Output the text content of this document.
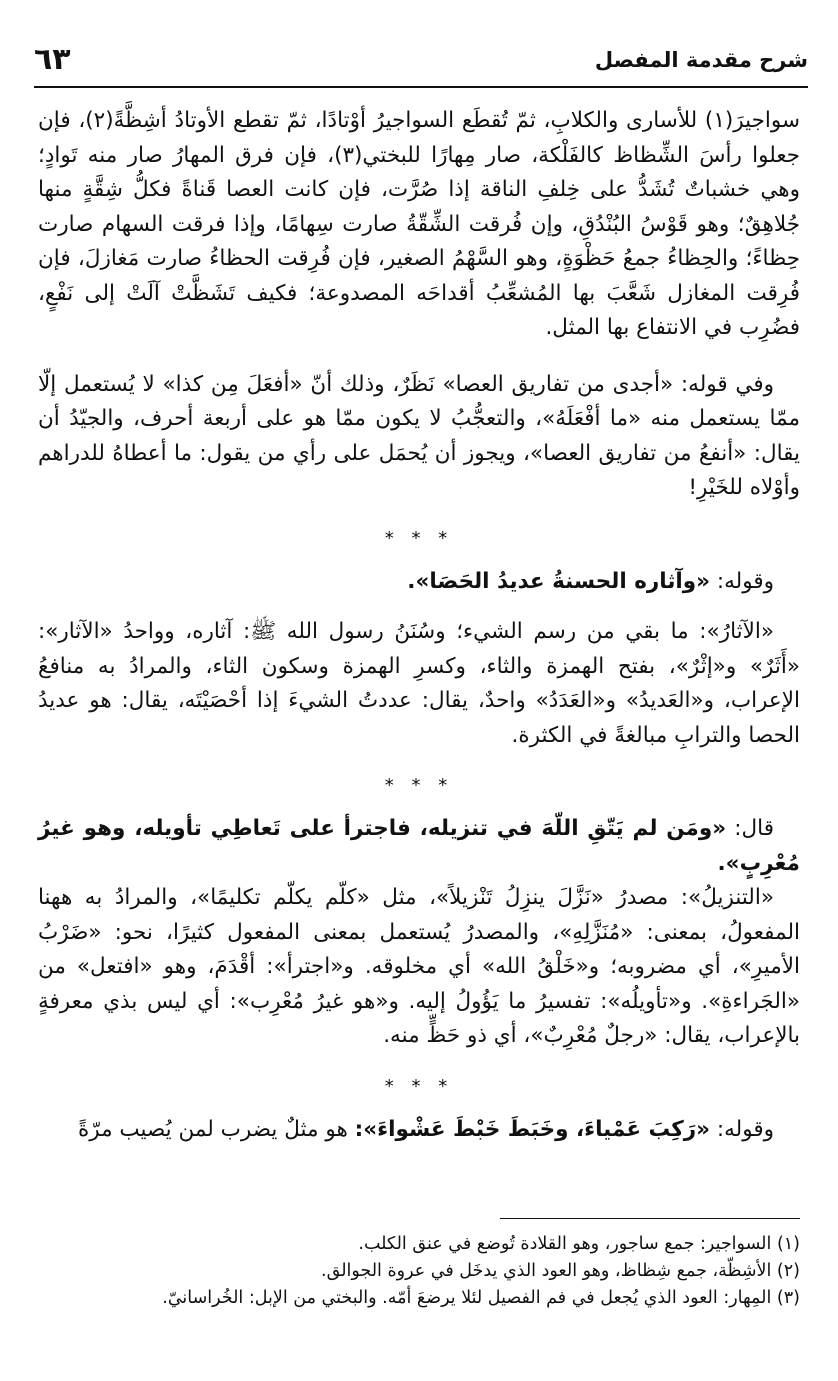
شرح مقدمة المفصل
٦٣

سواجيرَ(١) للأسارى والكلابِ، ثمّ تُقطَع السواجيرُ أوْتادًا، ثمّ تقطع الأوتادُ أشِظَّةً(٢)، فإن جعلوا رأسَ الشِّظاظ كالفَلْكة، صار مِهارًا للبختي(٣)، فإن فرق المهارُ صار منه تَوادٍ؛ وهي خشباتٌ تُشَدُّ على خِلفِ الناقة إذا صُرَّت، فإن كانت العصا قَناةً فكلُّ شِقَّةٍ منها جُلاهِقٌ؛ وهو قَوْسُ البُنْدُقِ، وإن فُرقت الشِّقّةُ صارت سِهامًا، وإذا فرقت السهام صارت حِظاءً؛ والحِظاءُ جمعُ حَظْوَةٍ، وهو السَّهْمُ الصغير، فإن فُرِقت الحظاءُ صارت مَغازلَ، فإن فُرِقت المغازل شَعَّبَ بها المُشعِّبُ أقداحَه المصدوعة؛ فكيف تَشَظَّتْ آلَتْ إلى نَفْعٍ، فضُرِب في الانتفاع بها المثل.

وفي قوله: «أجدى من تفاريق العصا» نَظَرٌ، وذلك أنّ «أفعَلَ مِن كذا» لا يُستعمل إلّا ممّا يستعمل منه «ما أفْعَلَهُ»، والتعجُّبُ لا يكون ممّا هو على أربعة أحرف، والجيّدُ أن يقال: «أنفعُ من تفاريق العصا»، ويجوز أن يُحمَل على رأي من يقول: ما أعطاهُ للدراهم وأوْلاه للخَيْرِ!

* * *

وقوله: «وآثاره الحسنةُ عديدُ الحَصَا».

«الآثارُ»: ما بقي من رسم الشيء؛ وسُنَنُ رسول الله ﷺ: آثاره، وواحدُ «الآثار»: «أَثَرٌ» و«إثْرٌ»، بفتح الهمزة والثاء، وكسرِ الهمزة وسكون الثاء، والمرادُ به منافعُ الإعراب، و«العَديدُ» و«العَدَدُ» واحدٌ، يقال: عددتُ الشيءَ إذا أحْصَيْتَه، يقال: هو عديدُ الحصا والترابِ مبالغةً في الكثرة.

* * *

قال: «ومَن لم يَتّقِ اللّهَ في تنزيله، فاجترأ على تَعاطِي تأويله، وهو غيرُ مُعْرِبٍ».

«التنزيلُ»: مصدرُ «نَزَّلَ ينزِلُ تَنْزيلاً»، مثل «كلّم يكلّم تكليمًا»، والمرادُ به ههنا المفعولُ، بمعنى: «مُنَزَّلِهِ»، والمصدرُ يُستعمل بمعنى المفعول كثيرًا، نحو: «ضَرْبُ الأميرِ»، أي مضروبه؛ و«خَلْقُ الله» أي مخلوقه. و«اجترأ»: أقْدَمَ، وهو «افتعل» من «الجَراءةِ». و«تأويلُه»: تفسيرُ ما يَؤُولُ إليه. و«هو غيرُ مُعْرِب»: أي ليس بذي معرفةٍ بالإعراب، يقال: «رجلٌ مُعْرِبٌ»، أي ذو حَظٍّ منه.

* * *

وقوله: «رَكِبَ عَمْياءَ، وخَبَطَ خَبْطَ عَشْواءَ»: هو مثلٌ يضرب لمن يُصيب مرّةً

(١) السواجير: جمع ساجور، وهو القلادة تُوضع في عنق الكلب.

(٢) الأشِظّة، جمع شِظاظ، وهو العود الذي يدخَل في عروة الجوالق.

(٣) المِهار: العود الذي يُجعل في فم الفصيل لئلا يرضعَ أمّه. والبختي من الإبل: الخُراسانيّ.
